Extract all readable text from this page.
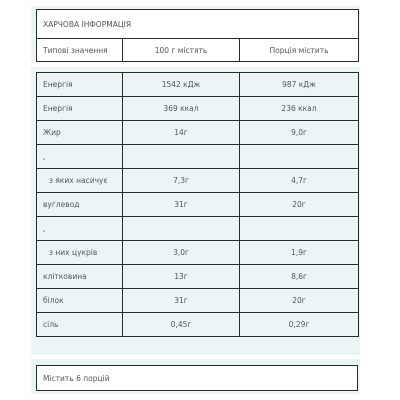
ХАРЧОВА ІНФОРМАЦІЯ
Типові значення	100 г містять	Порція містить
Енергія	1542 кДж	987 кДж
Енергія	369 ккал	236 ккал
Жир	14г	9,0г
,		
з яких насичує	7,3г	4,7г
вуглевод	31г	20г
,		
з них цукрів	3,0г	1,9г
клітковина	13г	8,6г
білок	31г	20г
сіль	0,45г	0,29г
Містить 6 порцій
